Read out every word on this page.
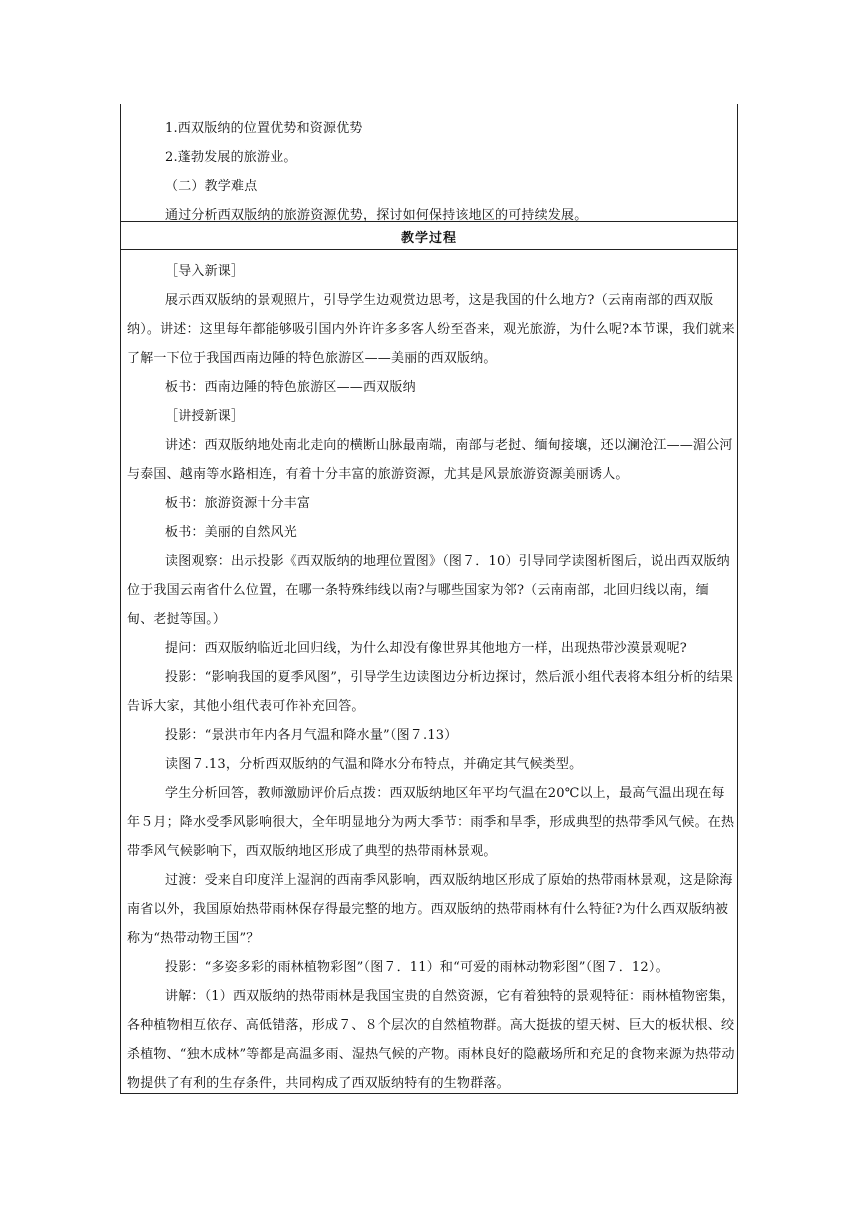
1.西双版纳的位置优势和资源优势

2.蓬勃发展的旅游业。

（二）教学难点

通过分析西双版纳的旅游资源优势，探讨如何保持该地区的可持续发展。

教学过程

［导入新课］

展示西双版纳的景观照片，引导学生边观赏边思考，这是我国的什么地方?（云南南部的西双版纳）。讲述：这里每年都能够吸引国内外许许多多客人纷至沓来，观光旅游，为什么呢?本节课，我们就来了解一下位于我国西南边陲的特色旅游区——美丽的西双版纳。

板书：西南边陲的特色旅游区——西双版纳

［讲授新课］

讲述：西双版纳地处南北走向的横断山脉最南端，南部与老挝、缅甸接壤，还以澜沧江——湄公河与泰国、越南等水路相连，有着十分丰富的旅游资源，尤其是风景旅游资源美丽诱人。

板书：旅游资源十分丰富

板书：美丽的自然风光

读图观察：出示投影《西双版纳的地理位置图》（图７．10）引导同学读图析图后，说出西双版纳位于我国云南省什么位置，在哪一条特殊纬线以南?与哪些国家为邻?（云南南部，北回归线以南，缅甸、老挝等国。）

提问：西双版纳临近北回归线，为什么却没有像世界其他地方一样，出现热带沙漠景观呢?

投影：“影响我国的夏季风图”，引导学生边读图边分析边探讨，然后派小组代表将本组分析的结果告诉大家，其他小组代表可作补充回答。

投影：“景洪市年内各月气温和降水量”（图７.13）

读图７.13，分析西双版纳的气温和降水分布特点，并确定其气候类型。

学生分析回答，教师激励评价后点拨：西双版纳地区年平均气温在20℃以上，最高气温出现在每年５月；降水受季风影响很大，全年明显地分为两大季节：雨季和旱季，形成典型的热带季风气候。在热带季风气候影响下，西双版纳地区形成了典型的热带雨林景观。

过渡：受来自印度洋上湿润的西南季风影响，西双版纳地区形成了原始的热带雨林景观，这是除海南省以外，我国原始热带雨林保存得最完整的地方。西双版纳的热带雨林有什么特征?为什么西双版纳被称为“热带动物王国”？

投影：“多姿多彩的雨林植物彩图”（图７．11）和“可爱的雨林动物彩图”（图７．12）。

讲解：（1）西双版纳的热带雨林是我国宝贵的自然资源，它有着独特的景观特征：雨林植物密集，各种植物相互依存、高低错落，形成７、８个层次的自然植物群。高大挺拔的望天树、巨大的板状根、绞杀植物、“独木成林”等都是高温多雨、湿热气候的产物。雨林良好的隐蔽场所和充足的食物来源为热带动物提供了有利的生存条件，共同构成了西双版纳特有的生物群落。
